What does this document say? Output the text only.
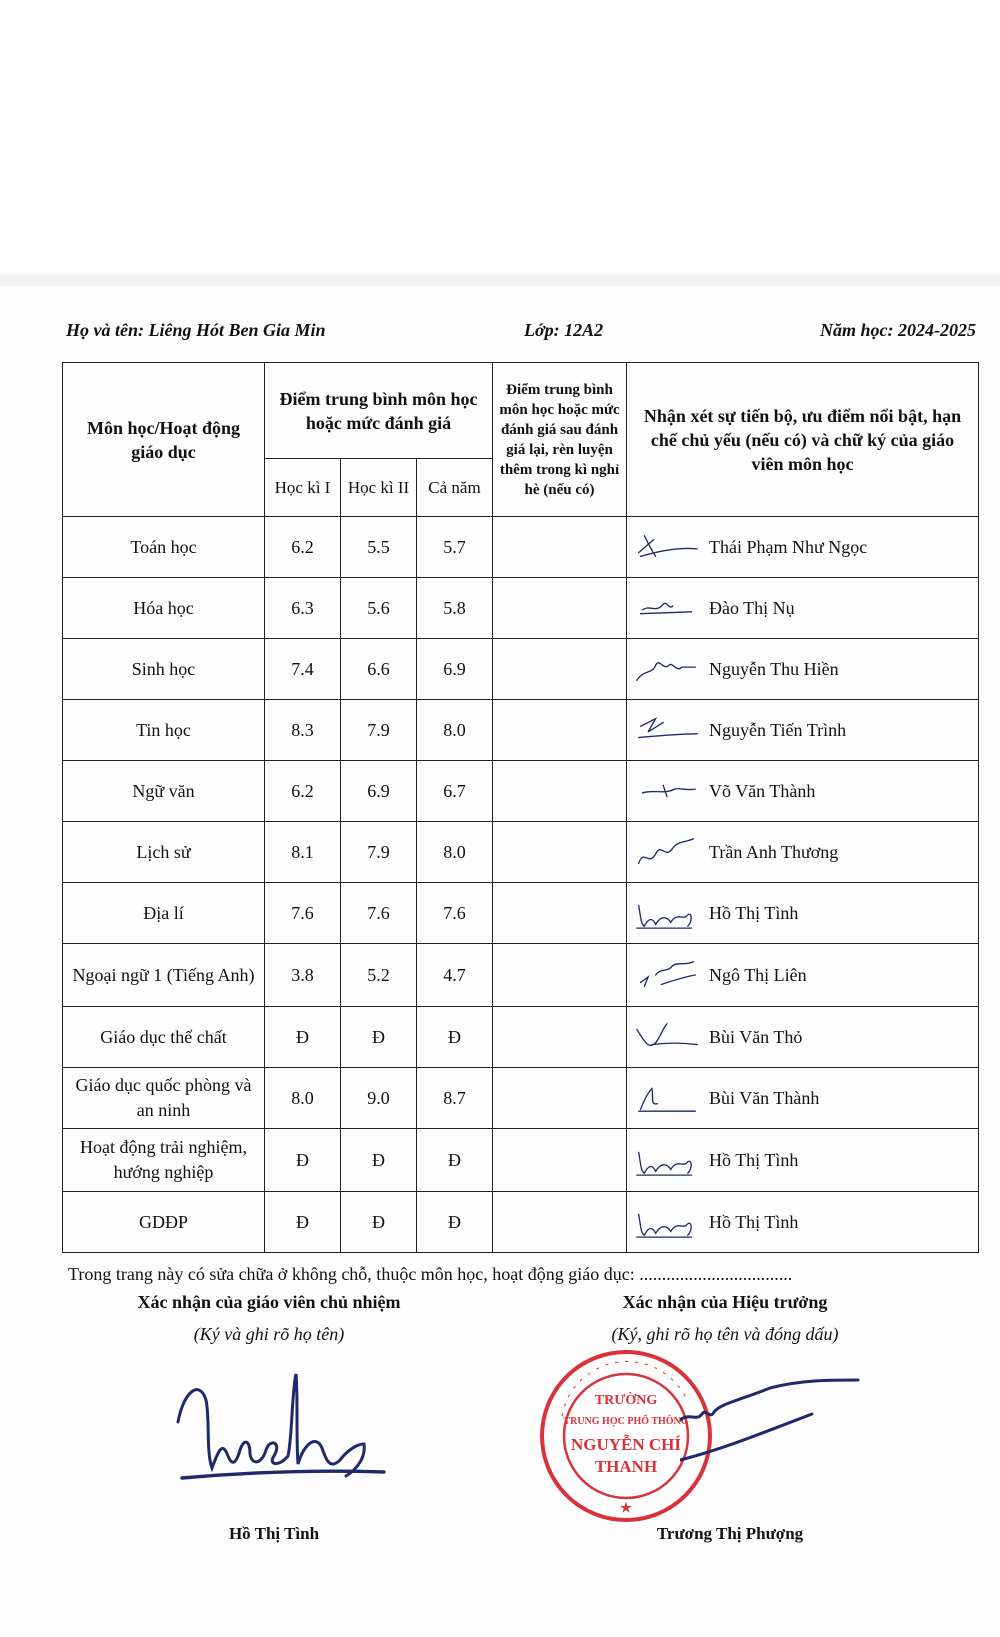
Họ và tên: Liêng Hót Ben Gia Min	Lớp: 12A2	Năm học: 2024-2025
Môn học/Hoạt động giáo dục	Điểm trung bình môn học hoặc mức đánh giá			Điểm trung bình môn học hoặc mức đánh giá sau đánh giá lại, rèn luyện thêm trong kì nghỉ hè (nếu có)	Nhận xét sự tiến bộ, ưu điểm nổi bật, hạn chế chủ yếu (nếu có) và chữ ký của giáo viên môn học
	Học kì I	Học kì II	Cả năm		
Toán học	6.2	5.5	5.7		Thái Phạm Như Ngọc

Hóa học	6.3	5.6	5.8		Đào Thị Nụ

Sinh học	7.4	6.6	6.9		Nguyễn Thu Hiền

Tin học	8.3	7.9	8.0		Nguyễn Tiến Trình

Ngữ văn	6.2	6.9	6.7		Võ Văn Thành

Lịch sử	8.1	7.9	8.0		Trần Anh Thương

Địa lí	7.6	7.6	7.6		Hồ Thị Tình

Ngoại ngữ 1 (Tiếng Anh)	3.8	5.2	4.7		Ngô Thị Liên

Giáo dục thể chất	Đ	Đ	Đ		Bùi Văn Thỏ

Giáo dục quốc phòng và an ninh	8.0	9.0	8.7		Bùi Văn Thành

Hoạt động trải nghiệm, hướng nghiệp	Đ	Đ	Đ		Hồ Thị Tình

GDĐP	Đ	Đ	Đ		Hồ Thị Tình
Trong trang này có sửa chữa ở không chỗ, thuộc môn học, hoạt động giáo dục: ..................................
Xác nhận của giáo viên chủ nhiệm
(Ký và ghi rõ họ tên)
Xác nhận của Hiệu trưởng
(Ký, ghi rõ họ tên và đóng dấu)
TRƯỜNG
TRUNG HỌC PHỔ THÔNG
NGUYỄN CHÍ
THANH
★
Hồ Thị Tình	Trương Thị Phượng
